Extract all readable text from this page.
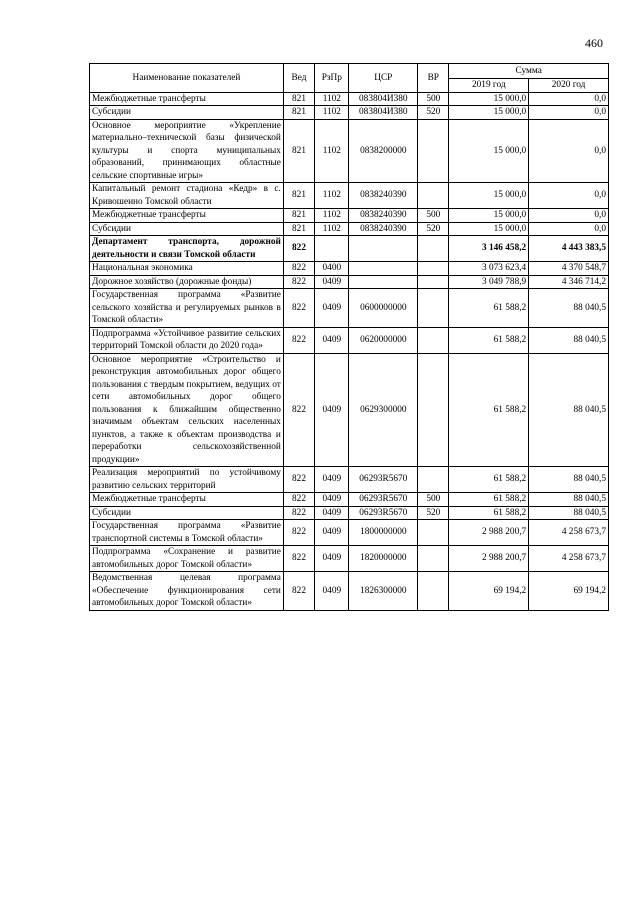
460
Наименование показателей	Вед	РзПр	ЦСР	ВР	Сумма	
					2019 год	2020 год
Межбюджетные трансферты	821	1102	083804И380	500	15 000,0	0,0
Субсидии	821	1102	083804И380	520	15 000,0	0,0
Основное мероприятие «Укрепление материально–технической базы физической культуры и спорта муниципальных образований, принимающих областные сельские спортивные игры»	821	1102	0838200000		15 000,0	0,0
Капитальный ремонт стадиона «Кедр» в с. Кривошеино Томской области	821	1102	0838240390		15 000,0	0,0
Межбюджетные трансферты	821	1102	0838240390	500	15 000,0	0,0
Субсидии	821	1102	0838240390	520	15 000,0	0,0
Департамент транспорта, дорожной деятельности и связи Томской области	822				3 146 458,2	4 443 383,5
Национальная экономика	822	0400			3 073 623,4	4 370 548,7
Дорожное хозяйство (дорожные фонды)	822	0409			3 049 788,9	4 346 714,2
Государственная программа «Развитие сельского хозяйства и регулируемых рынков в Томской области»	822	0409	0600000000		61 588,2	88 040,5
Подпрограмма «Устойчивое развитие сельских территорий Томской области до 2020 года»	822	0409	0620000000		61 588,2	88 040,5
Основное мероприятие «Строительство и реконструкция автомобильных дорог общего пользования с твердым покрытием, ведущих от сети автомобильных дорог общего пользования к ближайшим общественно значимым объектам сельских населенных пунктов, а также к объектам производства и переработки сельскохозяйственной продукции»	822	0409	0629300000		61 588,2	88 040,5
Реализация мероприятий по устойчивому развитию сельских территорий	822	0409	06293R5670		61 588,2	88 040,5
Межбюджетные трансферты	822	0409	06293R5670	500	61 588,2	88 040,5
Субсидии	822	0409	06293R5670	520	61 588,2	88 040,5
Государственная программа «Развитие транспортной системы в Томской области»	822	0409	1800000000		2 988 200,7	4 258 673,7
Подпрограмма «Сохранение и развитие автомобильных дорог Томской области»	822	0409	1820000000		2 988 200,7	4 258 673,7
Ведомственная целевая программа «Обеспечение функционирования сети автомобильных дорог Томской области»	822	0409	1826300000		69 194,2	69 194,2
